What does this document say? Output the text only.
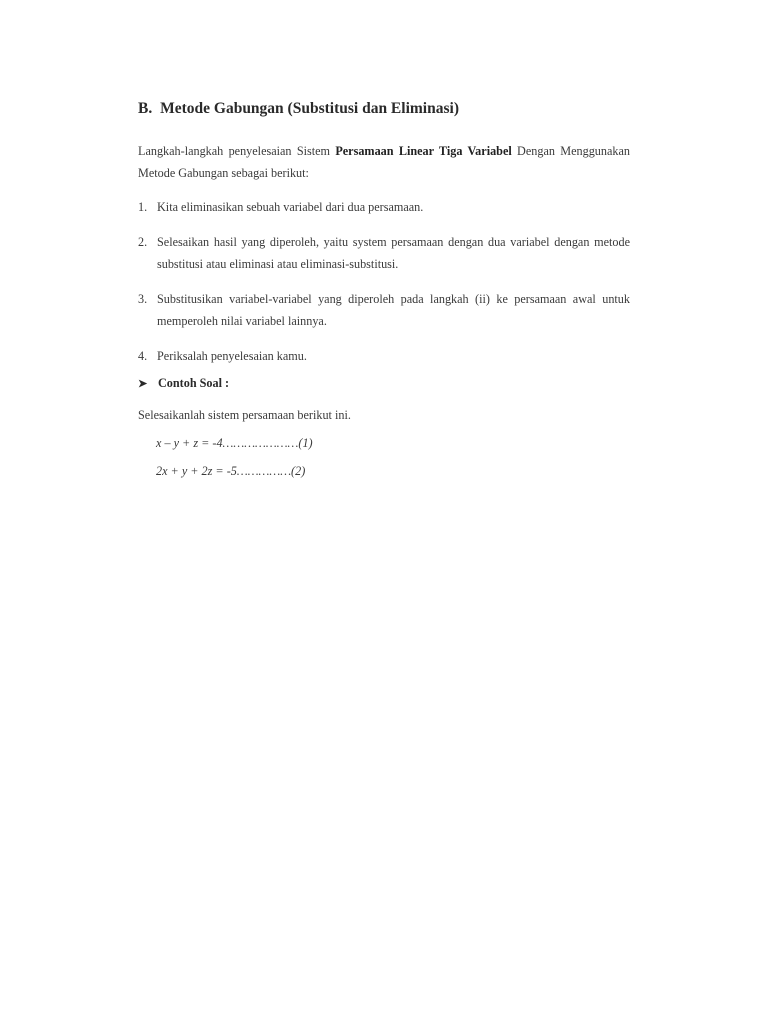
B. Metode Gabungan (Substitusi dan Eliminasi)

Langkah-langkah penyelesaian Sistem Persamaan Linear Tiga Variabel Dengan Menggunakan Metode Gabungan sebagai berikut:

1. Kita eliminasikan sebuah variabel dari dua persamaan.
2. Selesaikan hasil yang diperoleh, yaitu system persamaan dengan dua variabel dengan metode substitusi atau eliminasi atau eliminasi-substitusi.
3. Substitusikan variabel-variabel yang diperoleh pada langkah (ii) ke persamaan awal untuk memperoleh nilai variabel lainnya.
4. Periksalah penyelesaian kamu.
➤ Contoh Soal :

Selesaikanlah sistem persamaan berikut ini.

x – y + z = -4…………………(1)

2x + y + 2z = -5……………(2)
